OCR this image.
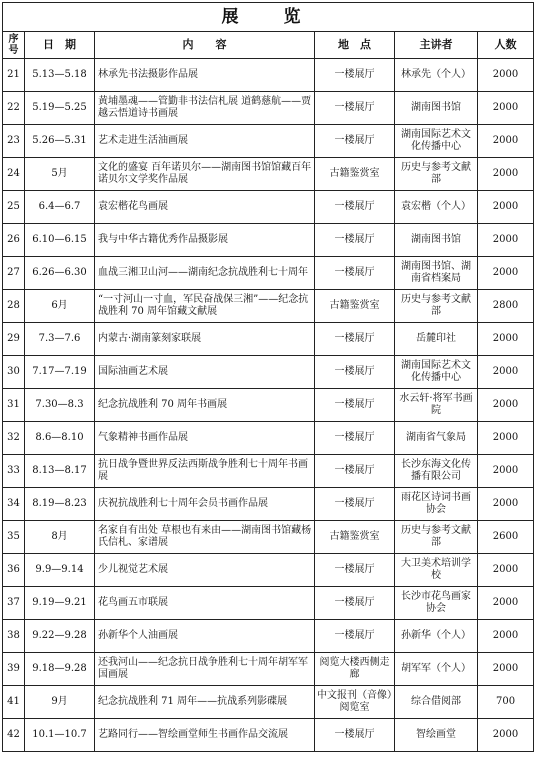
展　览					
序号	日　期	内　　容	地　点	主讲者	人数
21	5.13—5.18	林承先书法摄影作品展	一楼展厅	林承先（个人）	2000
22	5.19—5.25	黄埔墨魂——管勤非书法信札展 道鹤慈航——贾越云悟道诗书画展	一楼展厅	湖南图书馆	2000
23	5.26—5.31	艺术走进生活油画展	一楼展厅	湖南国际艺术文化传播中心	2000
24	5月	文化的盛宴 百年诺贝尔——湖南图书馆馆藏百年诺贝尔文学奖作品展	古籍鉴赏室	历史与参考文献部	2000
25	6.4—6.7	袁宏楷花鸟画展	一楼展厅	袁宏楷（个人）	2000
26	6.10—6.15	我与中华古籍优秀作品摄影展	一楼展厅	湖南图书馆	2000
27	6.26—6.30	血战三湘卫山河——湖南纪念抗战胜利七十周年	一楼展厅	湖南图书馆、湖南省档案局	2000
28	6月	“一寸河山一寸血，军民奋战保三湘”——纪念抗战胜利 70 周年馆藏文献展	古籍鉴赏室	历史与参考文献部	2800
29	7.3—7.6	内蒙古·湖南篆刻家联展	一楼展厅	岳麓印社	2000
30	7.17—7.19	国际油画艺术展	一楼展厅	湖南国际艺术文化传播中心	2000
31	7.30—8.3	纪念抗战胜利 70 周年书画展	一楼展厅	水云轩·将军书画院	2000
32	8.6—8.10	气象精神书画作品展	一楼展厅	湖南省气象局	2000
33	8.13—8.17	抗日战争暨世界反法西斯战争胜利七十周年书画展	一楼展厅	长沙东海文化传播有限公司	2000
34	8.19—8.23	庆祝抗战胜利七十周年会员书画作品展	一楼展厅	雨花区诗词书画协会	2000
35	8月	名家自有出处 草根也有来由——湖南图书馆藏杨氏信札、家谱展	古籍鉴赏室	历史与参考文献部	2600
36	9.9—9.14	少儿视觉艺术展	一楼展厅	大卫美术培训学校	2000
37	9.19—9.21	花鸟画五市联展	一楼展厅	长沙市花鸟画家协会	2000
38	9.22—9.28	孙新华个人油画展	一楼展厅	孙新华（个人）	2000
39	9.18—9.28	还我河山——纪念抗日战争胜利七十周年胡军军国画展	阅览大楼西侧走廊	胡军军（个人）	2000
41	9月	纪念抗战胜利 71 周年——抗战系列影碟展	中文报刊（音像）阅览室	综合借阅部	700
42	10.1—10.7	艺路同行——智绘画堂师生书画作品交流展	一楼展厅	智绘画堂	2000
